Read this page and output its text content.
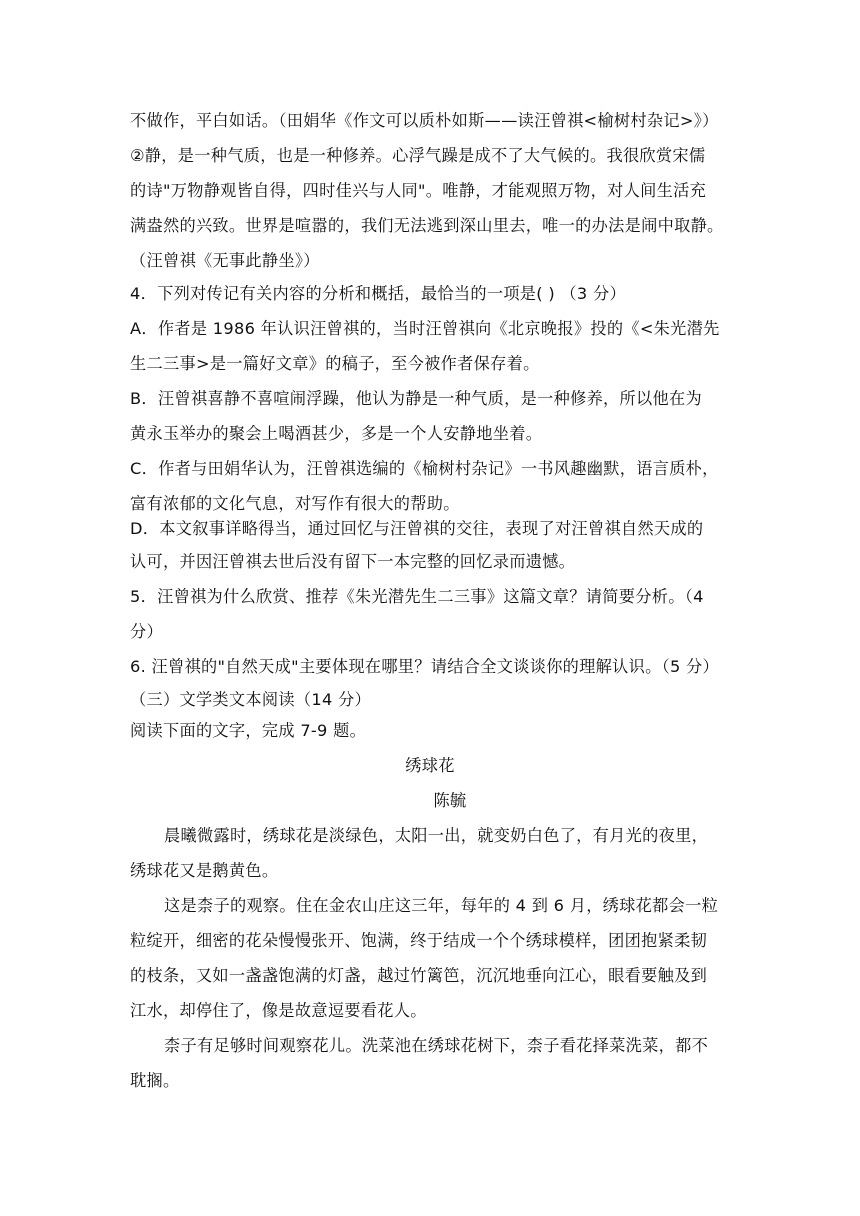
不做作，平白如话。（田娟华《作文可以质朴如斯——读汪曾祺<榆树村杂记>》）
②静，是一种气质，也是一种修养。心浮气躁是成不了大气候的。我很欣赏宋儒
的诗"万物静观皆自得，四时佳兴与人同"。唯静，才能观照万物，对人间生活充
满盎然的兴致。世界是喧嚣的，我们无法逃到深山里去，唯一的办法是闹中取静。
（汪曾祺《无事此静坐》）
4．下列对传记有关内容的分析和概括，最恰当的一项是( ) （3 分）
A．作者是 1986 年认识汪曾祺的，当时汪曾祺向《北京晚报》投的《<朱光潜先
生二三事>是一篇好文章》的稿子，至今被作者保存着。
B．汪曾祺喜静不喜喧闹浮躁，他认为静是一种气质，是一种修养，所以他在为
黄永玉举办的聚会上喝酒甚少，多是一个人安静地坐着。
C．作者与田娟华认为，汪曾祺选编的《榆树村杂记》一书风趣幽默，语言质朴，
富有浓郁的文化气息，对写作有很大的帮助。
D．本文叙事详略得当，通过回忆与汪曾祺的交往，表现了对汪曾祺自然天成的
认可，并因汪曾祺去世后没有留下一本完整的回忆录而遗憾。
5．汪曾祺为什么欣赏、推荐《朱光潜先生二三事》这篇文章？请简要分析。（4
分）
6. 汪曾祺的"自然天成"主要体现在哪里？请结合全文谈谈你的理解认识。（5 分）
（三）文学类文本阅读（14 分）
阅读下面的文字，完成 7-9 题。
绣球花
陈毓
晨曦微露时，绣球花是淡绿色，太阳一出，就变奶白色了，有月光的夜里，
绣球花又是鹅黄色。
这是柰子的观察。住在金农山庄这三年，每年的 4 到 6 月，绣球花都会一粒
粒绽开，细密的花朵慢慢张开、饱满，终于结成一个个绣球模样，团团抱紧柔韧
的枝条，又如一盏盏饱满的灯盏，越过竹篱笆，沉沉地垂向江心，眼看要触及到
江水，却停住了，像是故意逗要看花人。
柰子有足够时间观察花儿。洗菜池在绣球花树下，柰子看花择菜洗菜，都不
耽搁。
